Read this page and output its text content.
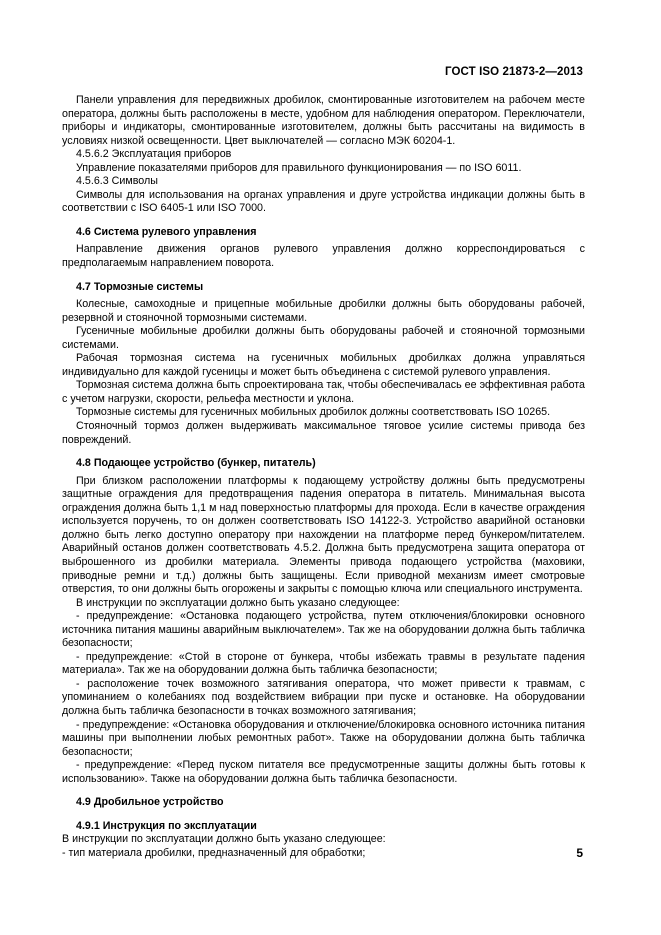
ГОСТ ISO 21873-2—2013

Панели управления для передвижных дробилок, смонтированные изготовителем на рабочем месте оператора, должны быть расположены в месте, удобном для наблюдения оператором. Переключатели, приборы и индикаторы, смонтированные изготовителем, должны быть рассчитаны на видимость в условиях низкой освещенности. Цвет выключателей — согласно МЭК 60204-1.

4.5.6.2 Эксплуатация приборов

Управление показателями приборов для правильного функционирования — по ISO 6011.

4.5.6.3 Символы

Символы для использования на органах управления и друге устройства индикации должны быть в соответствии с ISO 6405-1 или ISO 7000.

4.6 Система рулевого управления

Направление движения органов рулевого управления должно корреспондироваться с предполагаемым направлением поворота.

4.7 Тормозные системы

Колесные, самоходные и прицепные мобильные дробилки должны быть оборудованы рабочей, резервной и стояночной тормозными системами.

Гусеничные мобильные дробилки должны быть оборудованы рабочей и стояночной тормозными системами.

Рабочая тормозная система на гусеничных мобильных дробилках должна управляться индивидуально для каждой гусеницы и может быть объединена с системой рулевого управления.

Тормозная система должна быть спроектирована так, чтобы обеспечивалась ее эффективная работа с учетом нагрузки, скорости, рельефа местности и уклона.

Тормозные системы для гусеничных мобильных дробилок должны соответствовать ISO 10265.

Стояночный тормоз должен выдерживать максимальное тяговое усилие системы привода без повреждений.

4.8 Подающее устройство (бункер, питатель)

При близком расположении платформы к подающему устройству должны быть предусмотрены защитные ограждения для предотвращения падения оператора в питатель. Минимальная высота ограждения должна быть 1,1 м над поверхностью платформы для прохода. Если в качестве ограждения используется поручень, то он должен соответствовать ISO 14122-3. Устройство аварийной остановки должно быть легко доступно оператору при нахождении на платформе перед бункером/питателем. Аварийный останов должен соответствовать 4.5.2. Должна быть предусмотрена защита оператора от выброшенного из дробилки материала. Элементы привода подающего устройства (маховики, приводные ремни и т.д.) должны быть защищены. Если приводной механизм имеет смотровые отверстия, то они должны быть огорожены и закрыты с помощью ключа или специального инструмента.

В инструкции по эксплуатации должно быть указано следующее:

- предупреждение: «Остановка подающего устройства, путем отключения/блокировки основного источника питания машины аварийным выключателем». Так же на оборудовании должна быть табличка безопасности;

- предупреждение: «Стой в стороне от бункера, чтобы избежать травмы в результате падения материала». Так же на оборудовании должна быть табличка безопасности;

- расположение точек возможного затягивания оператора, что может привести к травмам, с упоминанием о колебаниях под воздействием вибрации при пуске и остановке. На оборудовании должна быть табличка безопасности в точках возможного затягивания;

- предупреждение: «Остановка оборудования и отключение/блокировка основного источника питания машины при выполнении любых ремонтных работ». Также на оборудовании должна быть табличка безопасности;

- предупреждение: «Перед пуском питателя все предусмотренные защиты должны быть готовы к использованию». Также на оборудовании должна быть табличка безопасности.

4.9 Дробильное устройство

4.9.1 Инструкция по эксплуатации

В инструкции по эксплуатации должно быть указано следующее:

- тип материала дробилки, предназначенный для обработки;	5
